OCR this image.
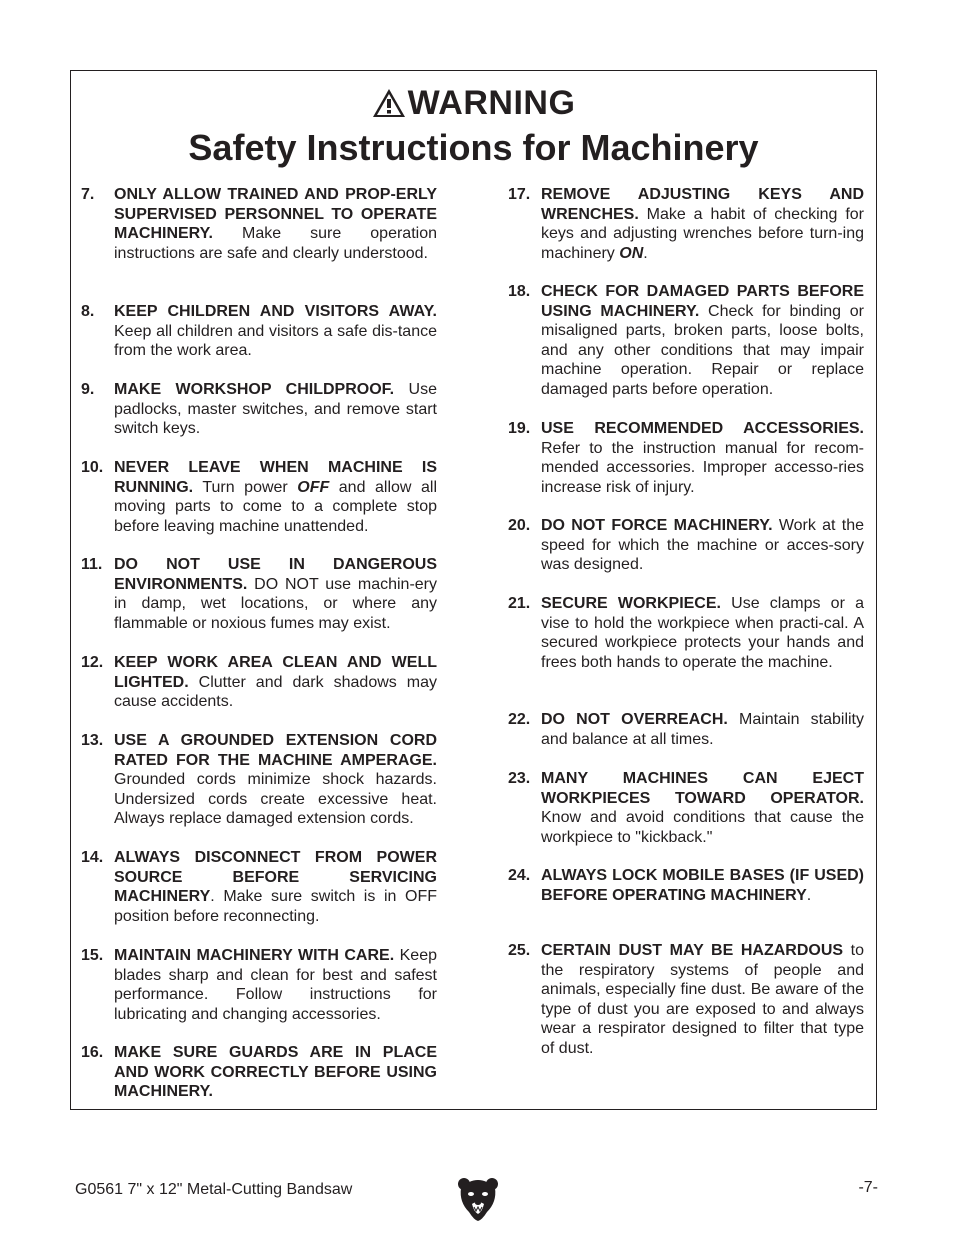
WARNING
Safety Instructions for Machinery
7. ONLY ALLOW TRAINED AND PROP-ERLY SUPERVISED PERSONNEL TO OPERATE MACHINERY. Make sure operation instructions are safe and clearly understood.

8. KEEP CHILDREN AND VISITORS AWAY. Keep all children and visitors a safe dis-tance from the work area.

9. MAKE WORKSHOP CHILDPROOF. Use padlocks, master switches, and remove start switch keys.

10. NEVER LEAVE WHEN MACHINE IS RUNNING. Turn power OFF and allow all moving parts to come to a complete stop before leaving machine unattended.

11. DO NOT USE IN DANGEROUS ENVIRONMENTS. DO NOT use machin-ery in damp, wet locations, or where any flammable or noxious fumes may exist.

12. KEEP WORK AREA CLEAN AND WELL LIGHTED. Clutter and dark shadows may cause accidents.

13. USE A GROUNDED EXTENSION CORD RATED FOR THE MACHINE AMPERAGE. Grounded cords minimize shock hazards. Undersized cords create excessive heat. Always replace damaged extension cords.

14. ALWAYS DISCONNECT FROM POWER SOURCE BEFORE SERVICING MACHINERY. Make sure switch is in OFF position before reconnecting.

15. MAINTAIN MACHINERY WITH CARE. Keep blades sharp and clean for best and safest performance. Follow instructions for lubricating and changing accessories.

16. MAKE SURE GUARDS ARE IN PLACE AND WORK CORRECTLY BEFORE USING MACHINERY.

17. REMOVE ADJUSTING KEYS AND WRENCHES. Make a habit of checking for keys and adjusting wrenches before turn-ing machinery ON.

18. CHECK FOR DAMAGED PARTS BEFORE USING MACHINERY. Check for binding or misaligned parts, broken parts, loose bolts, and any other conditions that may impair machine operation. Repair or replace damaged parts before operation.

19. USE RECOMMENDED ACCESSORIES. Refer to the instruction manual for recom-mended accessories. Improper accesso-ries increase risk of injury.

20. DO NOT FORCE MACHINERY. Work at the speed for which the machine or acces-sory was designed.

21. SECURE WORKPIECE. Use clamps or a vise to hold the workpiece when practi-cal. A secured workpiece protects your hands and frees both hands to operate the machine.

22. DO NOT OVERREACH. Maintain stability and balance at all times.

23. MANY MACHINES CAN EJECT WORKPIECES TOWARD OPERATOR. Know and avoid conditions that cause the workpiece to "kickback."

24. ALWAYS LOCK MOBILE BASES (IF USED) BEFORE OPERATING MACHINERY.

25. CERTAIN DUST MAY BE HAZARDOUS to the respiratory systems of people and animals, especially fine dust. Be aware of the type of dust you are exposed to and always wear a respirator designed to filter that type of dust.

G0561 7" x 12" Metal-Cutting Bandsaw	-7-
